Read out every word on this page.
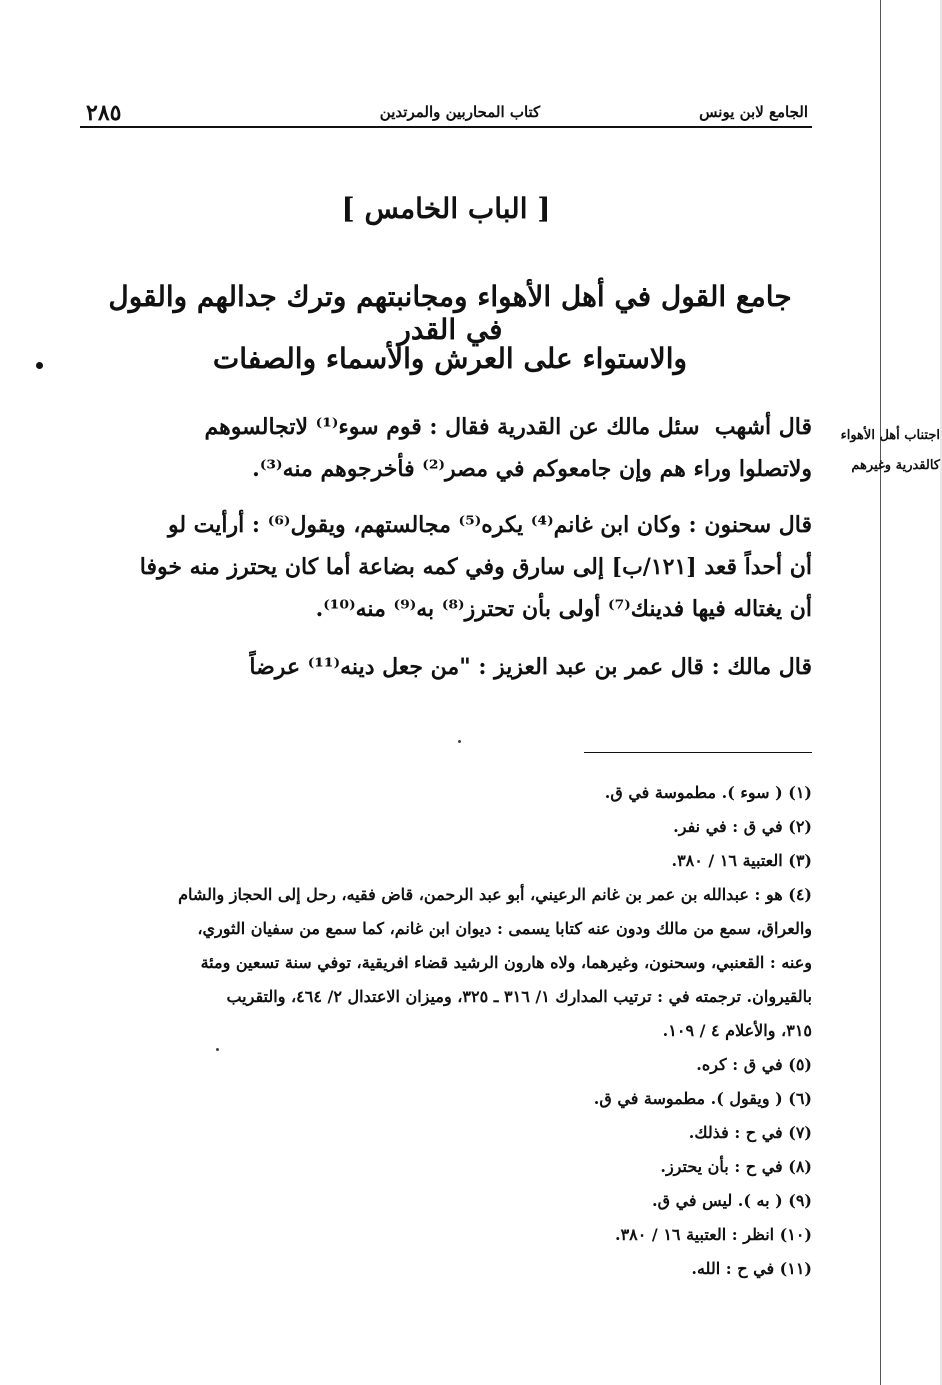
٢٨٥	كتاب المحاربين والمرتدين	الجامع لابن يونس
[ الباب الخامس ]
جامع القول في أهل الأهواء ومجانبتهم وترك جدالهم والقول في القدر
والاستواء على العرش والأسماء والصفات
اجتناب أهل الأهواء
كالقدرية وغيرهم
قال أشهب  سئل مالك عن القدرية فقال : قوم سوء⁽¹⁾ لاتجالسوهم
ولاتصلوا وراء هم وإن جامعوكم في مصر⁽²⁾ فأخرجوهم منه⁽³⁾.
قال سحنون : وكان ابن غانم⁽⁴⁾ يكره⁽⁵⁾ مجالستهم، ويقول⁽⁶⁾ : أرأيت لو
أن أحداً قعد [١٢١/ب] إلى سارق وفي كمه بضاعة أما كان يحترز منه خوفا
أن يغتاله فيها فدينك⁽⁷⁾ أولى بأن تحترز⁽⁸⁾ به⁽⁹⁾ منه⁽¹⁰⁾.
قال مالك : قال عمر بن عبد العزيز : "من جعل دينه⁽¹¹⁾ عرضاً
(١) ( سوء ). مطموسة في ق.
(٢) في ق : في نفر.
(٣) العتبية ١٦ / ٣٨٠.
(٤) هو : عبدالله بن عمر بن غانم الرعيني، أبو عبد الرحمن، قاض فقيه، رحل إلى الحجاز والشام
والعراق، سمع من مالك ودون عنه كتابا يسمى : ديوان ابن غانم، كما سمع من سفيان الثوري،
وعنه : القعنبي، وسحنون، وغيرهما، ولاه هارون الرشيد قضاء افريقية، توفي سنة تسعين ومئة
بالقيروان. ترجمته في : ترتيب المدارك ١/ ٣١٦ ـ ٣٢٥، وميزان الاعتدال ٢/ ٤٦٤، والتقريب
٣١٥، والأعلام ٤ / ١٠٩.
(٥) في ق : كره.
(٦) ( ويقول ). مطموسة في ق.
(٧) في ح : فذلك.
(٨) في ح : بأن يحترز.
(٩) ( به ). ليس في ق.
(١٠) انظر : العتبية ١٦ / ٣٨٠.
(١١) في ح : الله.
